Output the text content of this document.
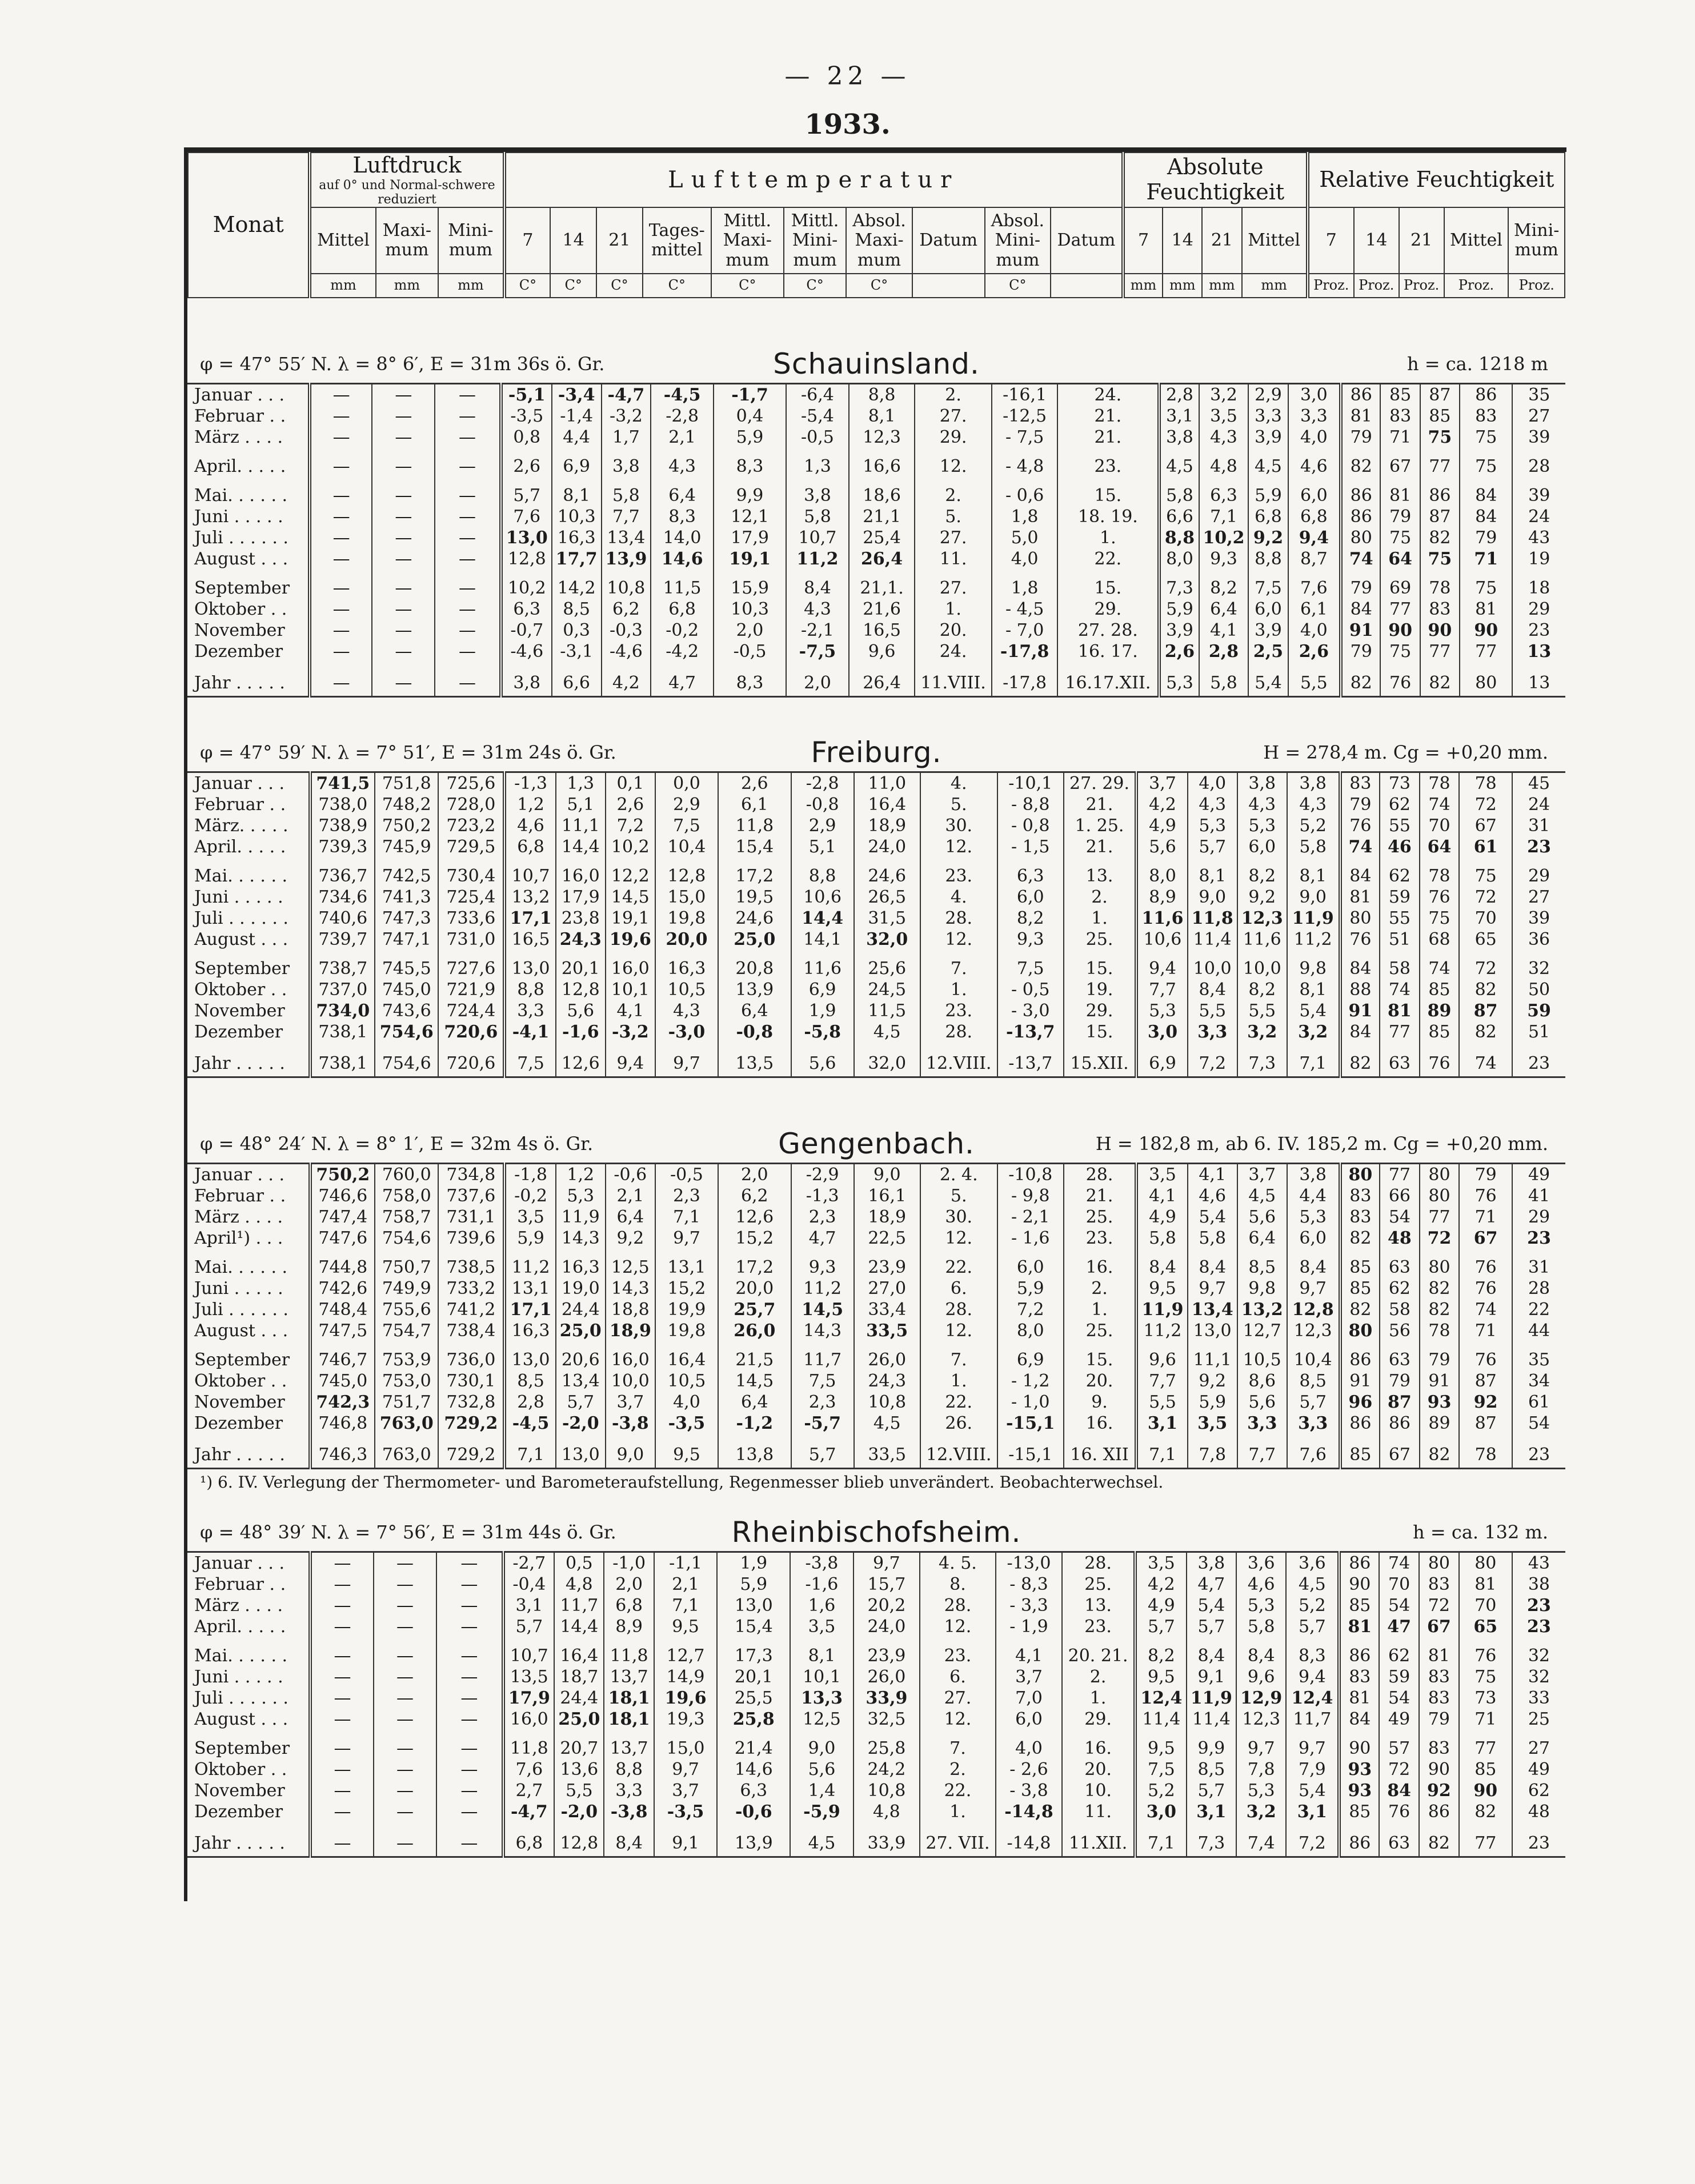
— 22 —
1933.
Monat	Luftdruck
auf 0° und Normal-schwere reduziert			Lufttemperatur										Absolute Feuchtigkeit				Relative Feuchtigkeit				
	Mittel	Maxi-mum	Mini-mum	7	14	21	Tages-mittel	Mittl. Maxi-mum	Mittl. Mini-mum	Absol. Maxi-mum	Datum	Absol. Mini-mum	Datum	7	14	21	Mittel	7	14	21	Mittel	Mini-mum
	mm	mm	mm	C°	C°	C°	C°	C°	C°	C°		C°		mm	mm	mm	mm	Proz.	Proz.	Proz.	Proz.	Proz.
φ = 47° 55′ N. λ = 8° 6′, E = 31m 36s ö. Gr.	Schauinsland.	h = ca. 1218 m
Januar . . .	—	—	—	-5,1	-3,4	-4,7	-4,5	-1,7	-6,4	8,8	2.	-16,1	24.	2,8	3,2	2,9	3,0	86	85	87	86	35
Februar . .	—	—	—	-3,5	-1,4	-3,2	-2,8	0,4	-5,4	8,1	27.	-12,5	21.	3,1	3,5	3,3	3,3	81	83	85	83	27
März . . . .	—	—	—	0,8	4,4	1,7	2,1	5,9	-0,5	12,3	29.	- 7,5	21.	3,8	4,3	3,9	4,0	79	71	75	75	39
April. . . . .	—	—	—	2,6	6,9	3,8	4,3	8,3	1,3	16,6	12.	- 4,8	23.	4,5	4,8	4,5	4,6	82	67	77	75	28
Mai. . . . . .	—	—	—	5,7	8,1	5,8	6,4	9,9	3,8	18,6	2.	- 0,6	15.	5,8	6,3	5,9	6,0	86	81	86	84	39
Juni . . . . .	—	—	—	7,6	10,3	7,7	8,3	12,1	5,8	21,1	5.	1,8	18. 19.	6,6	7,1	6,8	6,8	86	79	87	84	24
Juli . . . . . .	—	—	—	13,0	16,3	13,4	14,0	17,9	10,7	25,4	27.	5,0	1.	8,8	10,2	9,2	9,4	80	75	82	79	43
August . . .	—	—	—	12,8	17,7	13,9	14,6	19,1	11,2	26,4	11.	4,0	22.	8,0	9,3	8,8	8,7	74	64	75	71	19
September	—	—	—	10,2	14,2	10,8	11,5	15,9	8,4	21,1.	27.	1,8	15.	7,3	8,2	7,5	7,6	79	69	78	75	18
Oktober . .	—	—	—	6,3	8,5	6,2	6,8	10,3	4,3	21,6	1.	- 4,5	29.	5,9	6,4	6,0	6,1	84	77	83	81	29
November	—	—	—	-0,7	0,3	-0,3	-0,2	2,0	-2,1	16,5	20.	- 7,0	27. 28.	3,9	4,1	3,9	4,0	91	90	90	90	23
Dezember	—	—	—	-4,6	-3,1	-4,6	-4,2	-0,5	-7,5	9,6	24.	-17,8	16. 17.	2,6	2,8	2,5	2,6	79	75	77	77	13
Jahr . . . . .	—	—	—	3,8	6,6	4,2	4,7	8,3	2,0	26,4	11.VIII.	-17,8	16.17.XII.	5,3	5,8	5,4	5,5	82	76	82	80	13
φ = 47° 59′ N. λ = 7° 51′, E = 31m 24s ö. Gr.	Freiburg.	H = 278,4 m. Cg = +0,20 mm.
Januar . . .	741,5	751,8	725,6	-1,3	1,3	0,1	0,0	2,6	-2,8	11,0	4.	-10,1	27. 29.	3,7	4,0	3,8	3,8	83	73	78	78	45
Februar . .	738,0	748,2	728,0	1,2	5,1	2,6	2,9	6,1	-0,8	16,4	5.	- 8,8	21.	4,2	4,3	4,3	4,3	79	62	74	72	24
März. . . . .	738,9	750,2	723,2	4,6	11,1	7,2	7,5	11,8	2,9	18,9	30.	- 0,8	1. 25.	4,9	5,3	5,3	5,2	76	55	70	67	31
April. . . . .	739,3	745,9	729,5	6,8	14,4	10,2	10,4	15,4	5,1	24,0	12.	- 1,5	21.	5,6	5,7	6,0	5,8	74	46	64	61	23
Mai. . . . . .	736,7	742,5	730,4	10,7	16,0	12,2	12,8	17,2	8,8	24,6	23.	6,3	13.	8,0	8,1	8,2	8,1	84	62	78	75	29
Juni . . . . .	734,6	741,3	725,4	13,2	17,9	14,5	15,0	19,5	10,6	26,5	4.	6,0	2.	8,9	9,0	9,2	9,0	81	59	76	72	27
Juli . . . . . .	740,6	747,3	733,6	17,1	23,8	19,1	19,8	24,6	14,4	31,5	28.	8,2	1.	11,6	11,8	12,3	11,9	80	55	75	70	39
August . . .	739,7	747,1	731,0	16,5	24,3	19,6	20,0	25,0	14,1	32,0	12.	9,3	25.	10,6	11,4	11,6	11,2	76	51	68	65	36
September	738,7	745,5	727,6	13,0	20,1	16,0	16,3	20,8	11,6	25,6	7.	7,5	15.	9,4	10,0	10,0	9,8	84	58	74	72	32
Oktober . .	737,0	745,0	721,9	8,8	12,8	10,1	10,5	13,9	6,9	24,5	1.	- 0,5	19.	7,7	8,4	8,2	8,1	88	74	85	82	50
November	734,0	743,6	724,4	3,3	5,6	4,1	4,3	6,4	1,9	11,5	23.	- 3,0	29.	5,3	5,5	5,5	5,4	91	81	89	87	59
Dezember	738,1	754,6	720,6	-4,1	-1,6	-3,2	-3,0	-0,8	-5,8	4,5	28.	-13,7	15.	3,0	3,3	3,2	3,2	84	77	85	82	51
Jahr . . . . .	738,1	754,6	720,6	7,5	12,6	9,4	9,7	13,5	5,6	32,0	12.VIII.	-13,7	15.XII.	6,9	7,2	7,3	7,1	82	63	76	74	23
φ = 48° 24′ N. λ = 8° 1′, E = 32m 4s ö. Gr.	Gengenbach.	H = 182,8 m, ab 6. IV. 185,2 m. Cg = +0,20 mm.
Januar . . .	750,2	760,0	734,8	-1,8	1,2	-0,6	-0,5	2,0	-2,9	9,0	2. 4.	-10,8	28.	3,5	4,1	3,7	3,8	80	77	80	79	49
Februar . .	746,6	758,0	737,6	-0,2	5,3	2,1	2,3	6,2	-1,3	16,1	5.	- 9,8	21.	4,1	4,6	4,5	4,4	83	66	80	76	41
März . . . .	747,4	758,7	731,1	3,5	11,9	6,4	7,1	12,6	2,3	18,9	30.	- 2,1	25.	4,9	5,4	5,6	5,3	83	54	77	71	29
April¹) . . .	747,6	754,6	739,6	5,9	14,3	9,2	9,7	15,2	4,7	22,5	12.	- 1,6	23.	5,8	5,8	6,4	6,0	82	48	72	67	23
Mai. . . . . .	744,8	750,7	738,5	11,2	16,3	12,5	13,1	17,2	9,3	23,9	22.	6,0	16.	8,4	8,4	8,5	8,4	85	63	80	76	31
Juni . . . . .	742,6	749,9	733,2	13,1	19,0	14,3	15,2	20,0	11,2	27,0	6.	5,9	2.	9,5	9,7	9,8	9,7	85	62	82	76	28
Juli . . . . . .	748,4	755,6	741,2	17,1	24,4	18,8	19,9	25,7	14,5	33,4	28.	7,2	1.	11,9	13,4	13,2	12,8	82	58	82	74	22
August . . .	747,5	754,7	738,4	16,3	25,0	18,9	19,8	26,0	14,3	33,5	12.	8,0	25.	11,2	13,0	12,7	12,3	80	56	78	71	44
September	746,7	753,9	736,0	13,0	20,6	16,0	16,4	21,5	11,7	26,0	7.	6,9	15.	9,6	11,1	10,5	10,4	86	63	79	76	35
Oktober . .	745,0	753,0	730,1	8,5	13,4	10,0	10,5	14,5	7,5	24,3	1.	- 1,2	20.	7,7	9,2	8,6	8,5	91	79	91	87	34
November	742,3	751,7	732,8	2,8	5,7	3,7	4,0	6,4	2,3	10,8	22.	- 1,0	9.	5,5	5,9	5,6	5,7	96	87	93	92	61
Dezember	746,8	763,0	729,2	-4,5	-2,0	-3,8	-3,5	-1,2	-5,7	4,5	26.	-15,1	16.	3,1	3,5	3,3	3,3	86	86	89	87	54
Jahr . . . . .	746,3	763,0	729,2	7,1	13,0	9,0	9,5	13,8	5,7	33,5	12.VIII.	-15,1	16. XII	7,1	7,8	7,7	7,6	85	67	82	78	23
¹) 6. IV. Verlegung der Thermometer- und Barometeraufstellung, Regenmesser blieb unverändert. Beobachterwechsel.
φ = 48° 39′ N. λ = 7° 56′, E = 31m 44s ö. Gr.	Rheinbischofsheim.	h = ca. 132 m.
Januar . . .	—	—	—	-2,7	0,5	-1,0	-1,1	1,9	-3,8	9,7	4. 5.	-13,0	28.	3,5	3,8	3,6	3,6	86	74	80	80	43
Februar . .	—	—	—	-0,4	4,8	2,0	2,1	5,9	-1,6	15,7	8.	- 8,3	25.	4,2	4,7	4,6	4,5	90	70	83	81	38
März . . . .	—	—	—	3,1	11,7	6,8	7,1	13,0	1,6	20,2	28.	- 3,3	13.	4,9	5,4	5,3	5,2	85	54	72	70	23
April. . . . .	—	—	—	5,7	14,4	8,9	9,5	15,4	3,5	24,0	12.	- 1,9	23.	5,7	5,7	5,8	5,7	81	47	67	65	23
Mai. . . . . .	—	—	—	10,7	16,4	11,8	12,7	17,3	8,1	23,9	23.	4,1	20. 21.	8,2	8,4	8,4	8,3	86	62	81	76	32
Juni . . . . .	—	—	—	13,5	18,7	13,7	14,9	20,1	10,1	26,0	6.	3,7	2.	9,5	9,1	9,6	9,4	83	59	83	75	32
Juli . . . . . .	—	—	—	17,9	24,4	18,1	19,6	25,5	13,3	33,9	27.	7,0	1.	12,4	11,9	12,9	12,4	81	54	83	73	33
August . . .	—	—	—	16,0	25,0	18,1	19,3	25,8	12,5	32,5	12.	6,0	29.	11,4	11,4	12,3	11,7	84	49	79	71	25
September	—	—	—	11,8	20,7	13,7	15,0	21,4	9,0	25,8	7.	4,0	16.	9,5	9,9	9,7	9,7	90	57	83	77	27
Oktober . .	—	—	—	7,6	13,6	8,8	9,7	14,6	5,6	24,2	2.	- 2,6	20.	7,5	8,5	7,8	7,9	93	72	90	85	49
November	—	—	—	2,7	5,5	3,3	3,7	6,3	1,4	10,8	22.	- 3,8	10.	5,2	5,7	5,3	5,4	93	84	92	90	62
Dezember	—	—	—	-4,7	-2,0	-3,8	-3,5	-0,6	-5,9	4,8	1.	-14,8	11.	3,0	3,1	3,2	3,1	85	76	86	82	48
Jahr . . . . .	—	—	—	6,8	12,8	8,4	9,1	13,9	4,5	33,9	27. VII.	-14,8	11.XII.	7,1	7,3	7,4	7,2	86	63	82	77	23
